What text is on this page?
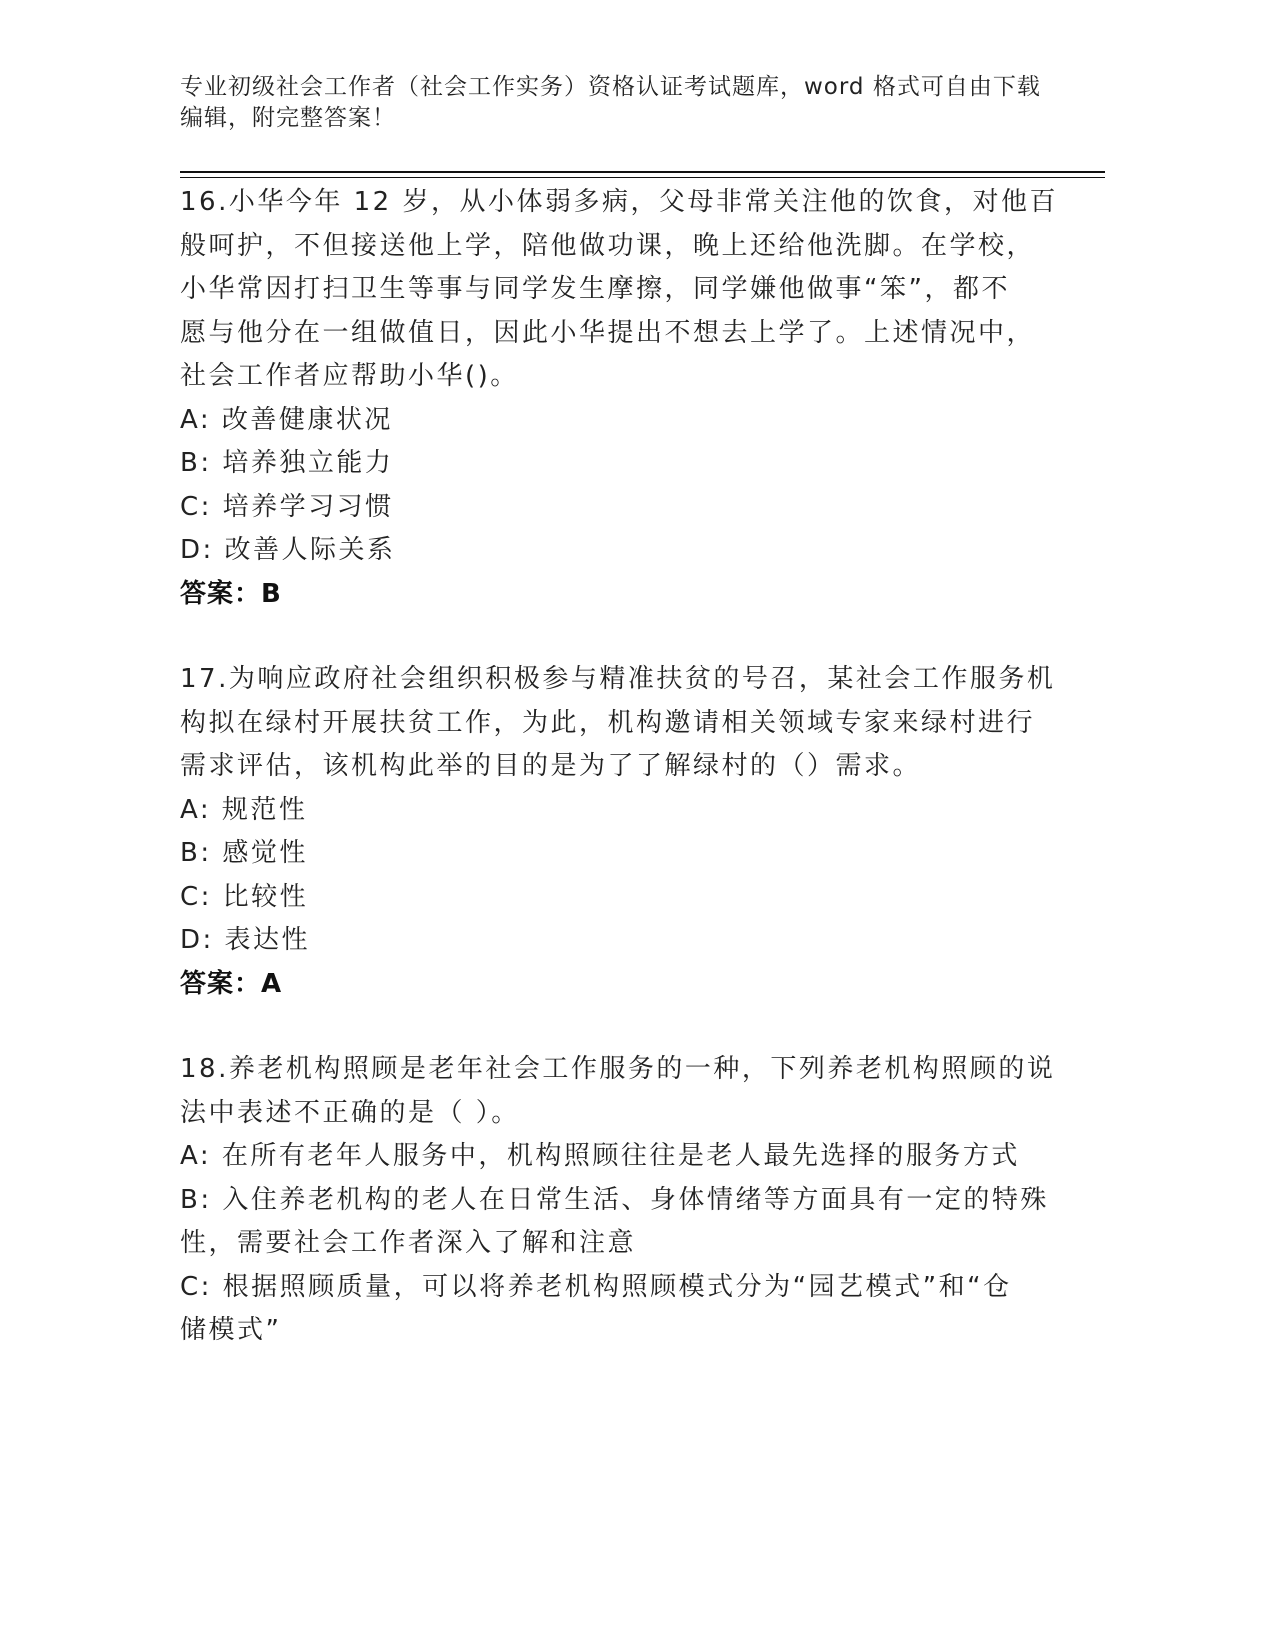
专业初级社会工作者（社会工作实务）资格认证考试题库，word 格式可自由下载
编辑，附完整答案！
16.小华今年 12 岁，从小体弱多病，父母非常关注他的饮食，对他百
般呵护，不但接送他上学，陪他做功课，晚上还给他洗脚。在学校，
小华常因打扫卫生等事与同学发生摩擦，同学嫌他做事“笨”，都不
愿与他分在一组做值日，因此小华提出不想去上学了。上述情况中，
社会工作者应帮助小华()。
A: 改善健康状况
B: 培养独立能力
C: 培养学习习惯
D: 改善人际关系
答案：B
17.为响应政府社会组织积极参与精准扶贫的号召，某社会工作服务机
构拟在绿村开展扶贫工作，为此，机构邀请相关领域专家来绿村进行
需求评估，该机构此举的目的是为了了解绿村的（）需求。
A: 规范性
B: 感觉性
C: 比较性
D: 表达性
答案：A
18.养老机构照顾是老年社会工作服务的一种，下列养老机构照顾的说
法中表述不正确的是（ ）。
A: 在所有老年人服务中，机构照顾往往是老人最先选择的服务方式
B: 入住养老机构的老人在日常生活、身体情绪等方面具有一定的特殊
性，需要社会工作者深入了解和注意
C: 根据照顾质量，可以将养老机构照顾模式分为“园艺模式”和“仓
储模式”
